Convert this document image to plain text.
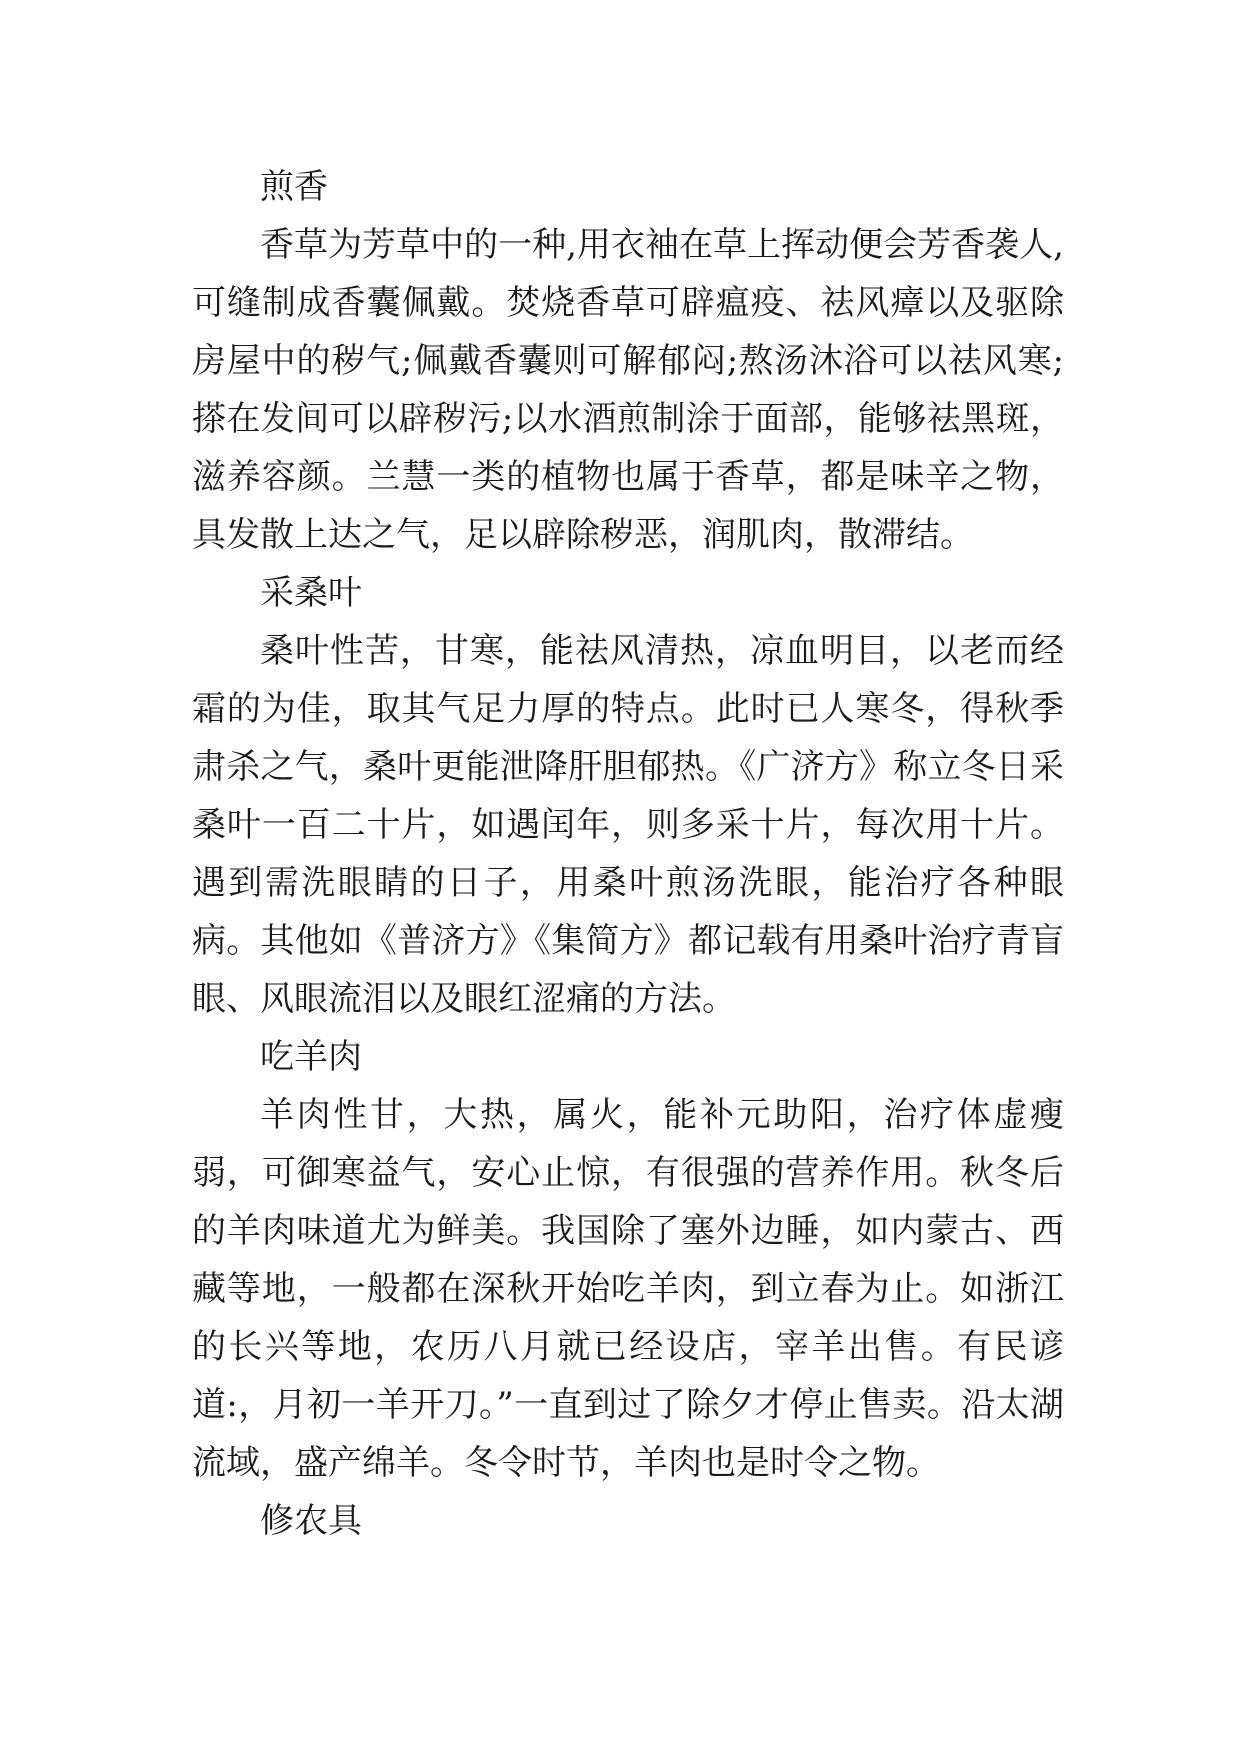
煎香

香草为芳草中的一种,用衣袖在草上挥动便会芳香袭人,可缝制成香囊佩戴。焚烧香草可辟瘟疫、祛风瘴以及驱除房屋中的秽气;佩戴香囊则可解郁闷;熬汤沐浴可以祛风寒;搽在发间可以辟秽污;以水酒煎制涂于面部，能够祛黑斑，滋养容颜。兰慧一类的植物也属于香草，都是味辛之物，具发散上达之气，足以辟除秽恶，润肌肉，散滞结。

采桑叶

桑叶性苦，甘寒，能祛风清热，凉血明目，以老而经霜的为佳，取其气足力厚的特点。此时已人寒冬，得秋季肃杀之气，桑叶更能泄降肝胆郁热。《广济方》称立冬日采桑叶一百二十片，如遇闰年，则多采十片，每次用十片。遇到需洗眼睛的日子，用桑叶煎汤洗眼，能治疗各种眼病。其他如《普济方》《集简方》都记载有用桑叶治疗青盲眼、风眼流泪以及眼红涩痛的方法。

吃羊肉

羊肉性甘，大热，属火，能补元助阳，治疗体虚瘦弱，可御寒益气，安心止惊，有很强的营养作用。秋冬后的羊肉味道尤为鲜美。我国除了塞外边睡，如内蒙古、西藏等地，一般都在深秋开始吃羊肉，到立春为止。如浙江的长兴等地，农历八月就已经设店，宰羊出售。有民谚道:，月初一羊开刀。”一直到过了除夕才停止售卖。沿太湖流域，盛产绵羊。冬令时节，羊肉也是时令之物。

修农具
